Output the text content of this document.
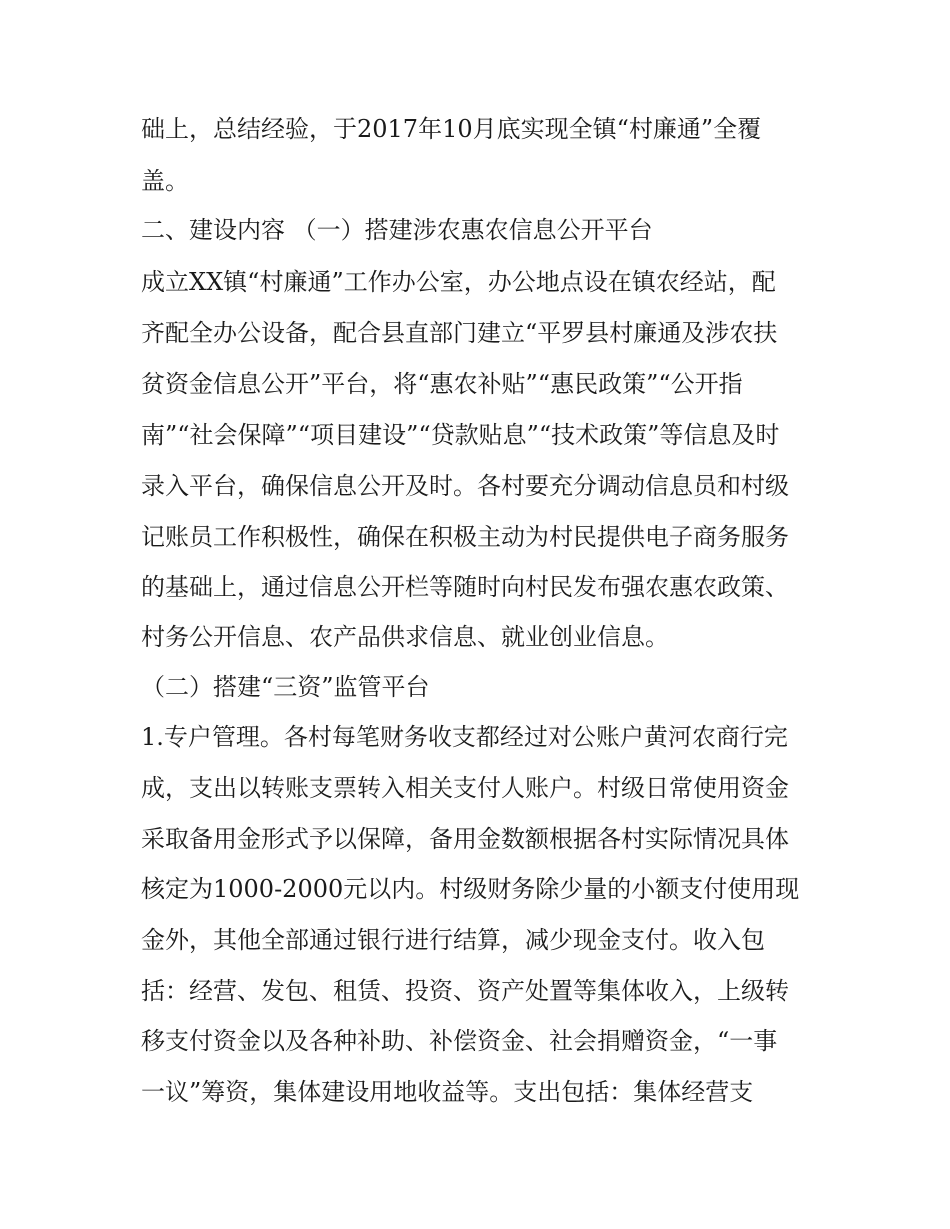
础上，总结经验，于2017年10月底实现全镇“村廉通”全覆
盖。
二、建设内容 （一）搭建涉农惠农信息公开平台
成立XX镇“村廉通”工作办公室，办公地点设在镇农经站，配
齐配全办公设备，配合县直部门建立“平罗县村廉通及涉农扶
贫资金信息公开”平台，将“惠农补贴”“惠民政策”“公开指
南”“社会保障”“项目建设”“贷款贴息”“技术政策”等信息及时
录入平台，确保信息公开及时。各村要充分调动信息员和村级
记账员工作积极性，确保在积极主动为村民提供电子商务服务
的基础上，通过信息公开栏等随时向村民发布强农惠农政策、
村务公开信息、农产品供求信息、就业创业信息。
（二）搭建“三资”监管平台
1.专户管理。各村每笔财务收支都经过对公账户黄河农商行完
成，支出以转账支票转入相关支付人账户。村级日常使用资金
采取备用金形式予以保障，备用金数额根据各村实际情况具体
核定为1000-2000元以内。村级财务除少量的小额支付使用现
金外，其他全部通过银行进行结算，减少现金支付。收入包
括：经营、发包、租赁、投资、资产处置等集体收入，上级转
移支付资金以及各种补助、补偿资金、社会捐赠资金，“一事
一议”筹资，集体建设用地收益等。支出包括：集体经营支
